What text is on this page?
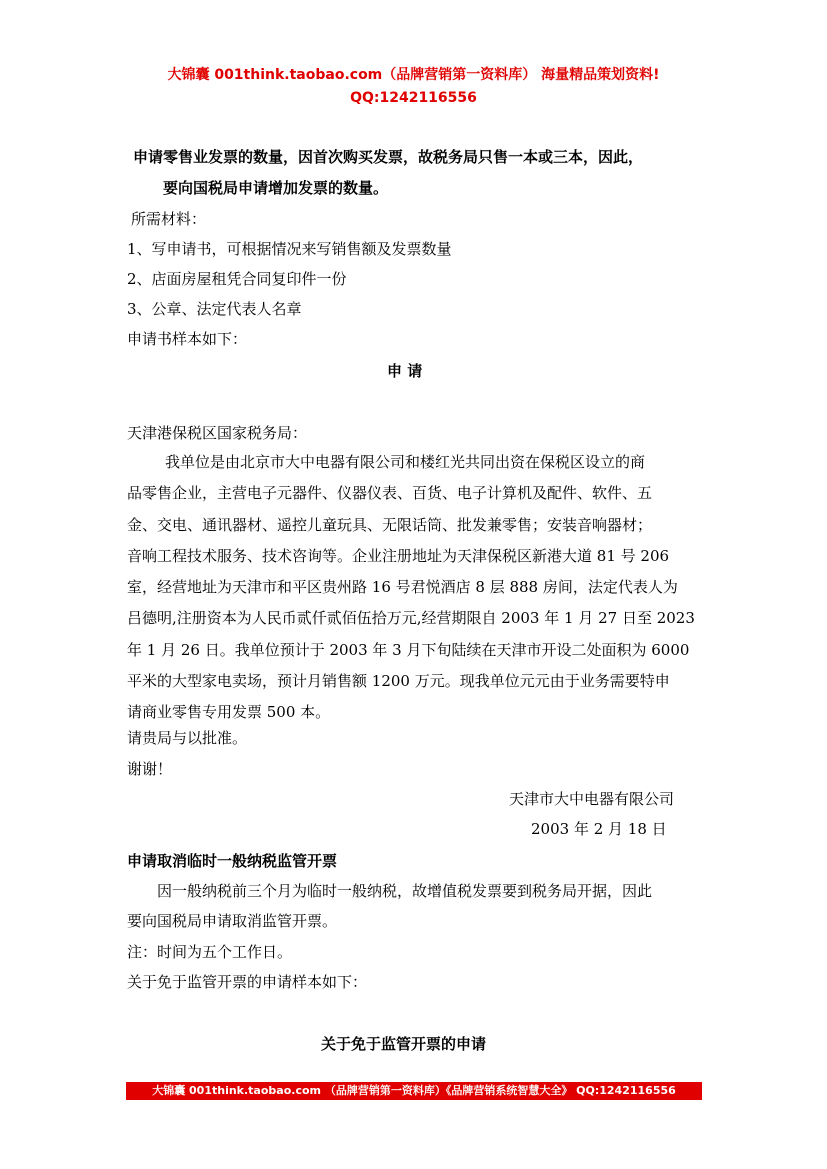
大锦囊 001think.taobao.com（品牌营销第一资料库） 海量精品策划资料!
QQ:1242116556
申请零售业发票的数量，因首次购买发票，故税务局只售一本或三本，因此，
要向国税局申请增加发票的数量。
所需材料：
1、写申请书，可根据情况来写销售额及发票数量
2、店面房屋租凭合同复印件一份
3、公章、法定代表人名章
申请书样本如下：
申 请
天津港保税区国家税务局：
我单位是由北京市大中电器有限公司和楼红光共同出资在保税区设立的商
品零售企业，主营电子元器件、仪器仪表、百货、电子计算机及配件、软件、五
金、交电、通讯器材、遥控儿童玩具、无限话筒、批发兼零售；安装音响器材；
音响工程技术服务、技术咨询等。企业注册地址为天津保税区新港大道 81 号 206
室，经营地址为天津市和平区贵州路 16 号君悦酒店 8 层 888 房间，法定代表人为
吕德明,注册资本为人民币贰仟贰佰伍拾万元,经营期限自 2003 年 1 月 27 日至 2023
年 1 月 26 日。我单位预计于 2003 年 3 月下旬陆续在天津市开设二处面积为 6000
平米的大型家电卖场，预计月销售额 1200 万元。现我单位元元由于业务需要特申
请商业零售专用发票 500 本。
请贵局与以批准。
谢谢！
天津市大中电器有限公司
2003 年 2 月 18 日
申请取消临时一般纳税监管开票
因一般纳税前三个月为临时一般纳税，故增值税发票要到税务局开据，因此
要向国税局申请取消监管开票。
注：时间为五个工作日。
关于免于监管开票的申请样本如下：
关于免于监管开票的申请
大锦囊 001think.taobao.com （品牌营销第一资料库）《品牌营销系统智慧大全》 QQ:1242116556
